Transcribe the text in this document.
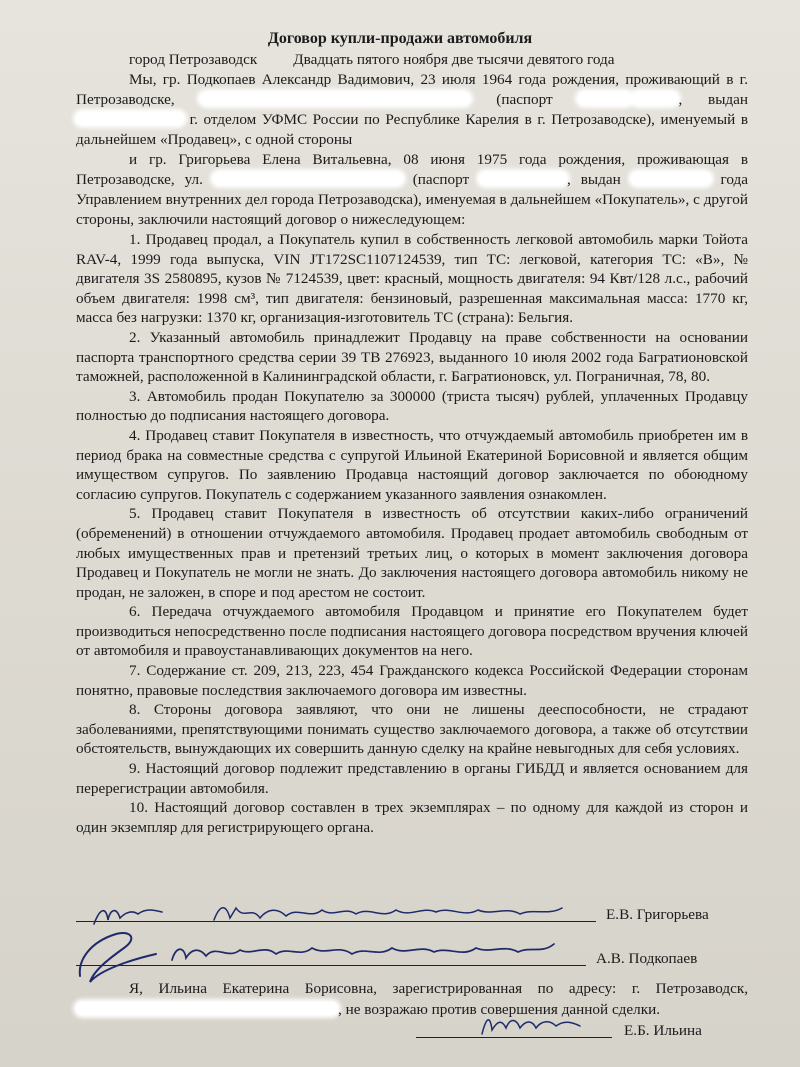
Договор купли-продажи автомобиля

город Петрозаводск Двадцать пятого ноября две тысячи девятого года

Мы, гр. Подкопаев Александр Вадимович, 23 июля 1964 года рождения, проживающий в г. Петрозаводске,	(паспорт	, выдан  г. отделом УФМС России по Республике Карелия в г. Петрозаводске), именуемый в дальнейшем «Продавец», с одной стороны

и гр. Григорьева Елена Витальевна, 08 июня 1975 года рождения, проживающая в Петрозаводске, ул.	(паспорт	, выдан	года Управлением внутренних дел города Петрозаводска), именуемая в дальнейшем «Покупатель», с другой стороны, заключили настоящий договор о нижеследующем:

1. Продавец продал, а Покупатель купил в собственность легковой автомобиль марки Тойота RAV-4, 1999 года выпуска, VIN JT172SC1107124539, тип ТС: легковой, категория ТС: «В», № двигателя 3S 2580895, кузов № 7124539, цвет: красный, мощность двигателя: 94 Квт/128 л.с., рабочий объем двигателя: 1998 см³, тип двигателя: бензиновый, разрешенная максимальная масса: 1770 кг, масса без нагрузки: 1370 кг, организация-изготовитель ТС (страна): Бельгия.

2. Указанный автомобиль принадлежит Продавцу на праве собственности на основании паспорта транспортного средства серии 39 ТВ 276923, выданного 10 июля 2002 года Багратионовской таможней, расположенной в Калининградской области, г. Багратионовск, ул. Пограничная, 78, 80.

3. Автомобиль продан Покупателю за 300000 (триста тысяч) рублей, уплаченных Продавцу полностью до подписания настоящего договора.

4. Продавец ставит Покупателя в известность, что отчуждаемый автомобиль приобретен им в период брака на совместные средства с супругой Ильиной Екатериной Борисовной и является общим имуществом супругов. По заявлению Продавца настоящий договор заключается по обоюдному согласию супругов. Покупатель с содержанием указанного заявления ознакомлен.

5. Продавец ставит Покупателя в известность об отсутствии каких-либо ограничений (обременений) в отношении отчуждаемого автомобиля. Продавец продает автомобиль свободным от любых имущественных прав и претензий третьих лиц, о которых в момент заключения договора Продавец и Покупатель не могли не знать. До заключения настоящего договора автомобиль никому не продан, не заложен, в споре и под арестом не состоит.

6. Передача отчуждаемого автомобиля Продавцом и принятие его Покупателем будет производиться непосредственно после подписания настоящего договора посредством вручения ключей от автомобиля и правоустанавливающих документов на него.

7. Содержание ст. 209, 213, 223, 454 Гражданского кодекса Российской Федерации сторонам понятно, правовые последствия заключаемого договора им известны.

8. Стороны договора заявляют, что они не лишены дееспособности, не страдают заболеваниями, препятствующими понимать существо заключаемого договора, а также об отсутствии обстоятельств, вынуждающих их совершить данную сделку на крайне невыгодных для себя условиях.

9. Настоящий договор подлежит представлению в органы ГИБДД и является основанием для перерегистрации автомобиля.

10. Настоящий договор составлен в трех экземплярах – по одному для каждой из сторон и один экземпляр для регистрирующего органа.

Е.В. Григорьева
А.В. Подкопаев

Я, Ильина Екатерина Борисовна, зарегистрированная по адресу: г. Петрозаводск, , не возражаю против совершения данной сделки.

Е.Б. Ильина
